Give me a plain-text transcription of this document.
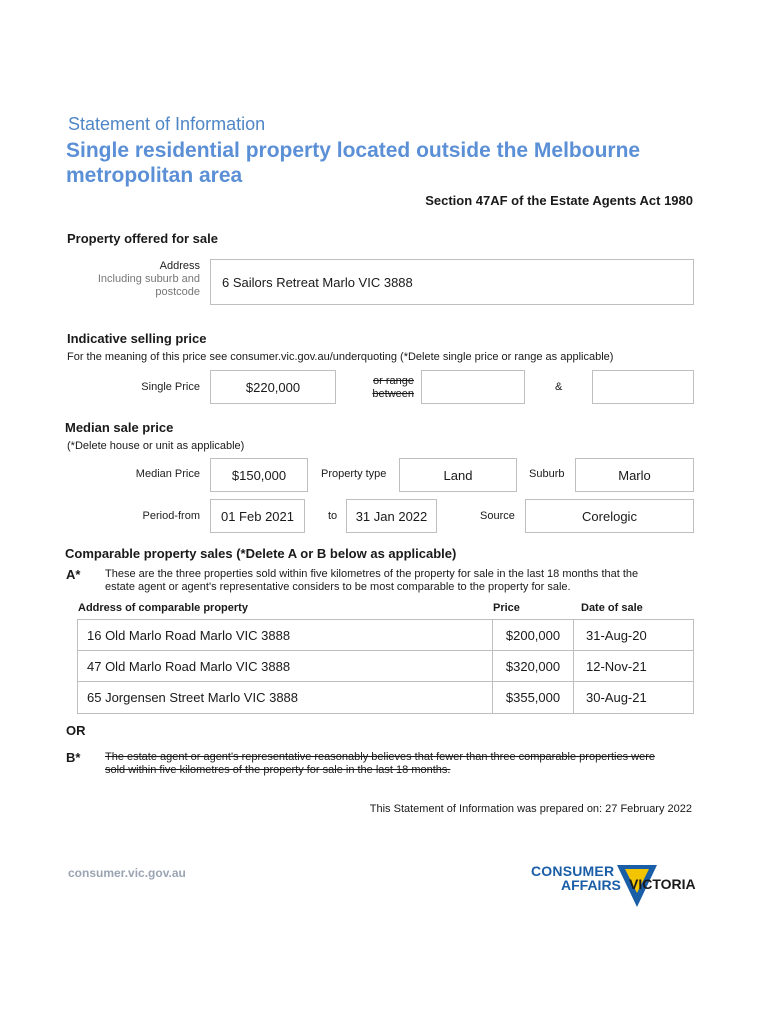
Statement of Information
Single residential property located outside the Melbourne
metropolitan area
Section 47AF of the Estate Agents Act 1980
Property offered for sale
Address
Including suburb and
postcode
6 Sailors Retreat Marlo VIC 3888
Indicative selling price
For the meaning of this price see consumer.vic.gov.au/underquoting (*Delete single price or range as applicable)
Single Price	$220,000	or range
between
&
Median sale price
(*Delete house or unit as applicable)
Median Price $150,000	Property type	Land	Suburb	Marlo
Period-from 01 Feb 2021	to 31 Jan 2022	Source	Corelogic
Comparable property sales (*Delete A or B below as applicable)
A* These are the three properties sold within five kilometres of the property for sale in the last 18 months that the
estate agent or agent's representative considers to be most comparable to the property for sale.
Address of comparable property	Price	Date of sale
16 Old Marlo Road Marlo VIC 3888	$200,000 31-Aug-20
47 Old Marlo Road Marlo VIC 3888	$320,000 12-Nov-21
65 Jorgensen Street Marlo VIC 3888	$355,000 30-Aug-21
OR
B* The estate agent or agent's representative reasonably believes that fewer than three comparable properties were
sold within five kilometres of the property for sale in the last 18 months.
This Statement of Information was prepared on: 27 February 2022
consumer.vic.gov.au	CONSUMER
AFFAIRS VICTORIA
